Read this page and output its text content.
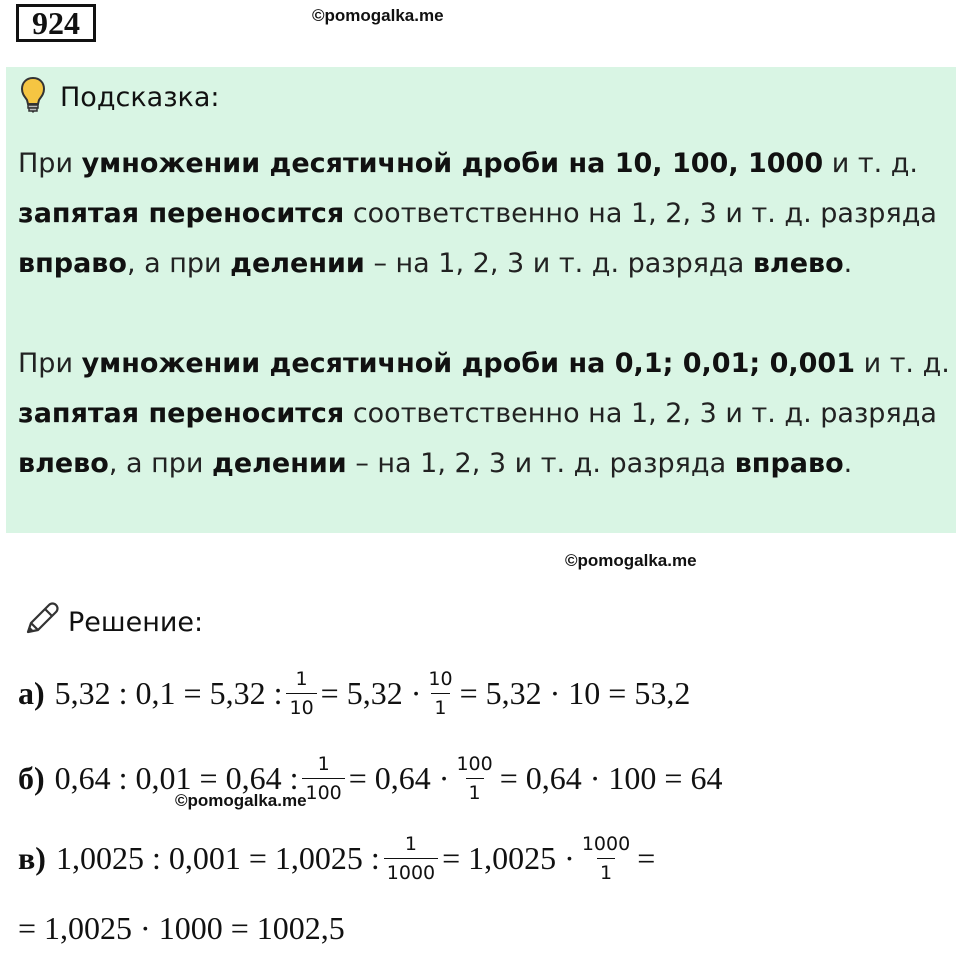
924	©pomogalka.me
Подсказка:
При умножении десятичной дроби на 10, 100, 1000 и т. д.
запятая переносится соответственно на 1, 2, 3 и т. д. разряда
вправо, а при делении – на 1, 2, 3 и т. д. разряда влево.
При умножении десятичной дроби на 0,1; 0,01; 0,001 и т. д.
запятая переносится соответственно на 1, 2, 3 и т. д. разряда
влево, а при делении – на 1, 2, 3 и т. д. разряда вправо.
©pomogalka.me
Решение:
а) 5,32 : 0,1 = 5,32 : $\frac{1}{10} = 5,32 \cdot \frac{10}{1} = 5,32 \cdot 10 = 53,2$
б) 0,64 : 0,01 = 0,64 : $\frac{1}{100} = 0,64 \cdot \frac{100}{1} = 0,64 \cdot 100 = 64$
©pomogalka.me
в) 1,0025 : 0,001 = 1,0025 : $\frac{1}{1000} = 1,0025 \cdot \frac{1000}{1}$ =
= 1,0025 · 1000 = 1002,5
